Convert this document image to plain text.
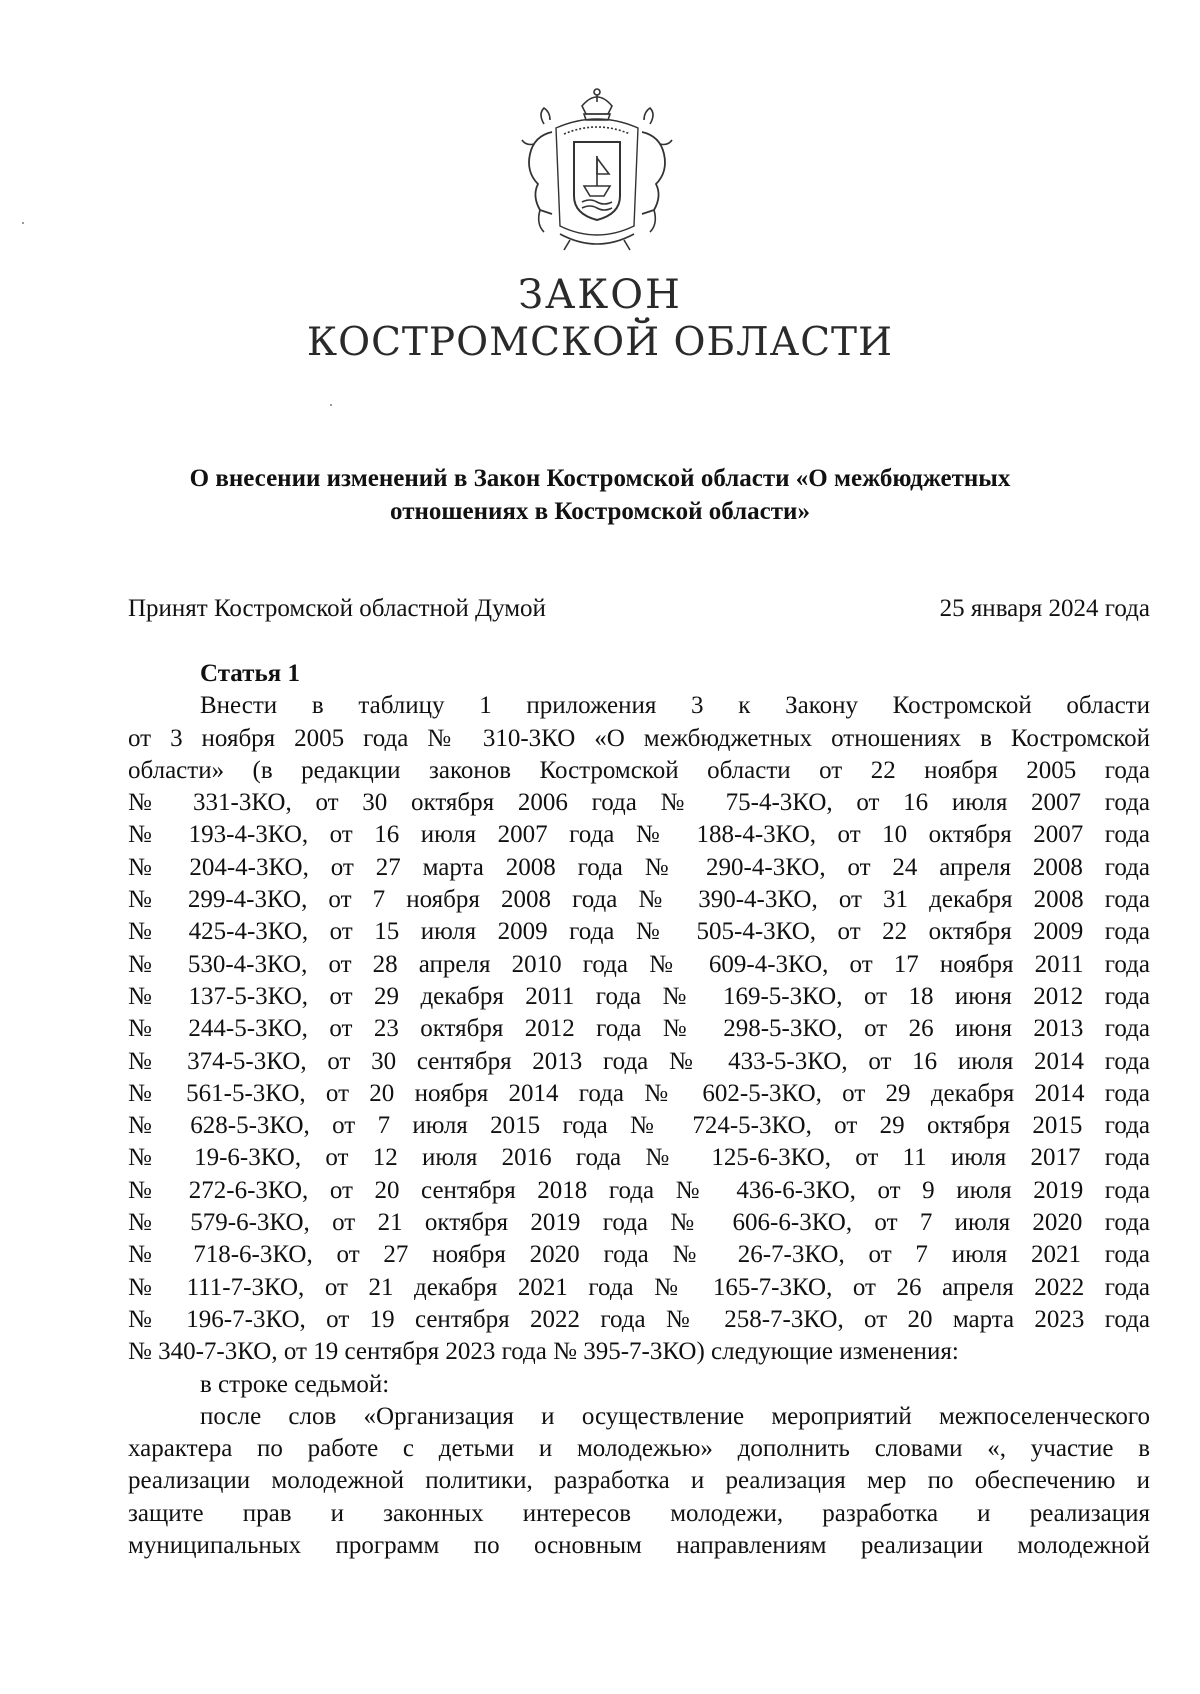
ЗАКОН
КОСТРОМСКОЙ ОБЛАСТИ
О внесении изменений в Закон Костромской области «О межбюджетных
отношениях в Костромской области»
Принят Костромской областной Думой	25 января 2024 года
Статья 1
Внести в таблицу 1 приложения 3 к Закону Костромской области
от 3 ноября 2005 года № 310-3КО «О межбюджетных отношениях в Костромской
области» (в редакции законов Костромской области от 22 ноября 2005 года
№ 331-3КО, от 30 октября 2006 года № 75-4-3КО, от 16 июля 2007 года
№ 193-4-3КО, от 16 июля 2007 года № 188-4-3КО, от 10 октября 2007 года
№ 204-4-3КО, от 27 марта 2008 года № 290-4-3КО, от 24 апреля 2008 года
№ 299-4-3КО, от 7 ноября 2008 года № 390-4-3КО, от 31 декабря 2008 года
№ 425-4-3КО, от 15 июля 2009 года № 505-4-3КО, от 22 октября 2009 года
№ 530-4-3КО, от 28 апреля 2010 года № 609-4-3КО, от 17 ноября 2011 года
№ 137-5-3КО, от 29 декабря 2011 года № 169-5-3КО, от 18 июня 2012 года
№ 244-5-3КО, от 23 октября 2012 года № 298-5-3КО, от 26 июня 2013 года
№ 374-5-3КО, от 30 сентября 2013 года № 433-5-3КО, от 16 июля 2014 года
№ 561-5-3КО, от 20 ноября 2014 года № 602-5-3КО, от 29 декабря 2014 года
№ 628-5-3КО, от 7 июля 2015 года № 724-5-3КО, от 29 октября 2015 года
№ 19-6-3КО, от 12 июля 2016 года № 125-6-3КО, от 11 июля 2017 года
№ 272-6-3КО, от 20 сентября 2018 года № 436-6-3КО, от 9 июля 2019 года
№ 579-6-3КО, от 21 октября 2019 года № 606-6-3КО, от 7 июля 2020 года
№ 718-6-3КО, от 27 ноября 2020 года № 26-7-3КО, от 7 июля 2021 года
№ 111-7-3КО, от 21 декабря 2021 года № 165-7-3КО, от 26 апреля 2022 года
№ 196-7-3КО, от 19 сентября 2022 года № 258-7-3КО, от 20 марта 2023 года
№ 340-7-3КО, от 19 сентября 2023 года № 395-7-3КО) следующие изменения:
в строке седьмой:
после слов «Организация и осуществление мероприятий межпоселенческого
характера по работе с детьми и молодежью» дополнить словами «, участие в
реализации молодежной политики, разработка и реализация мер по обеспечению и
защите прав и законных интересов молодежи, разработка и реализация
муниципальных программ по основным направлениям реализации молодежной
